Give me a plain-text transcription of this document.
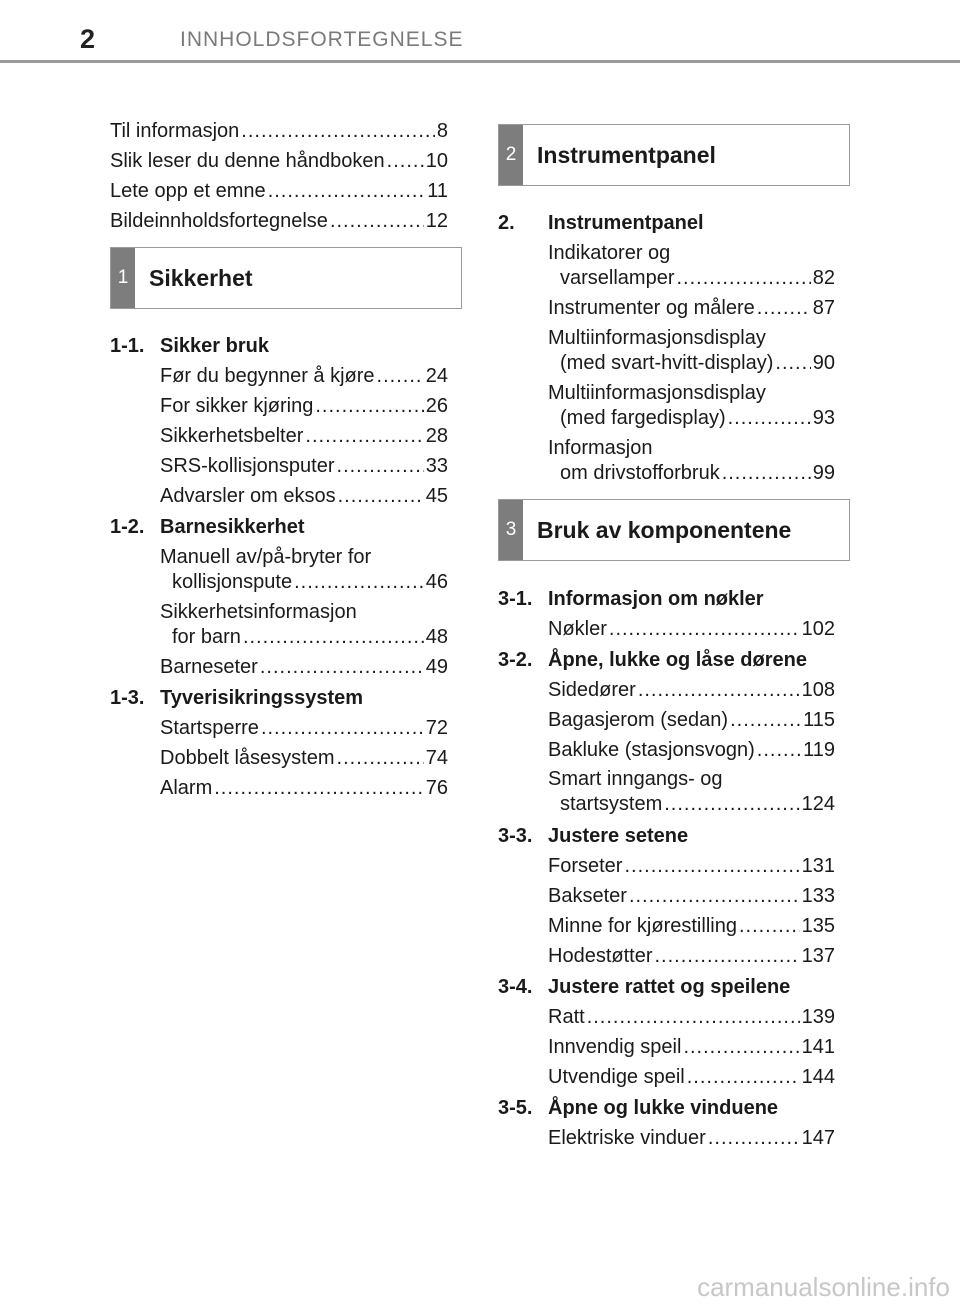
2	INNHOLDSFORTEGNELSE
Til informasjon .....	8
Slik leser du denne håndboken ..... 10
Lete opp et emne .....	11
Bildeinnholdsfortegnelse .....	12
1 Sikkerhet
1-1. Sikker bruk
Før du begynner å kjøre .....	24
For sikker kjøring .....	26
Sikkerhetsbelter .....	28
SRS-kollisjonsputer .....	33
Advarsler om eksos .....	45
1-2. Barnesikkerhet
Manuell av/på-bryter for
kollisjonspute .....	46
Sikkerhetsinformasjon
for barn .....	48
Barneseter .....	49
1-3. Tyverisikringssystem
Startsperre .....	72
Dobbelt låsesystem .....	74
Alarm .....	76
2 Instrumentpanel
2. Instrumentpanel
Indikatorer og
varsellamper .....	82
Instrumenter og målere .....	87
Multiinformasjonsdisplay
(med svart-hvitt-display) ..... 90
Multiinformasjonsdisplay
(med fargedisplay) .....	93
Informasjon
om drivstofforbruk .....	99
3 Bruk av komponentene
3-1. Informasjon om nøkler
Nøkler .....	102
3-2. Åpne, lukke og låse dørene
Sidedører .....	108
Bagasjerom (sedan) .....	115
Bakluke (stasjonsvogn) ..... 119
Smart inngangs- og
startsystem .....	124
3-3. Justere setene
Forseter .....	131
Bakseter .....	133
Minne for kjørestilling .....	135
Hodestøtter .....	137
3-4. Justere rattet og speilene
Ratt .....	139
Innvendig speil .....	141
Utvendige speil .....	144
3-5. Åpne og lukke vinduene
Elektriske vinduer .....	147
carmanualsonline.info
